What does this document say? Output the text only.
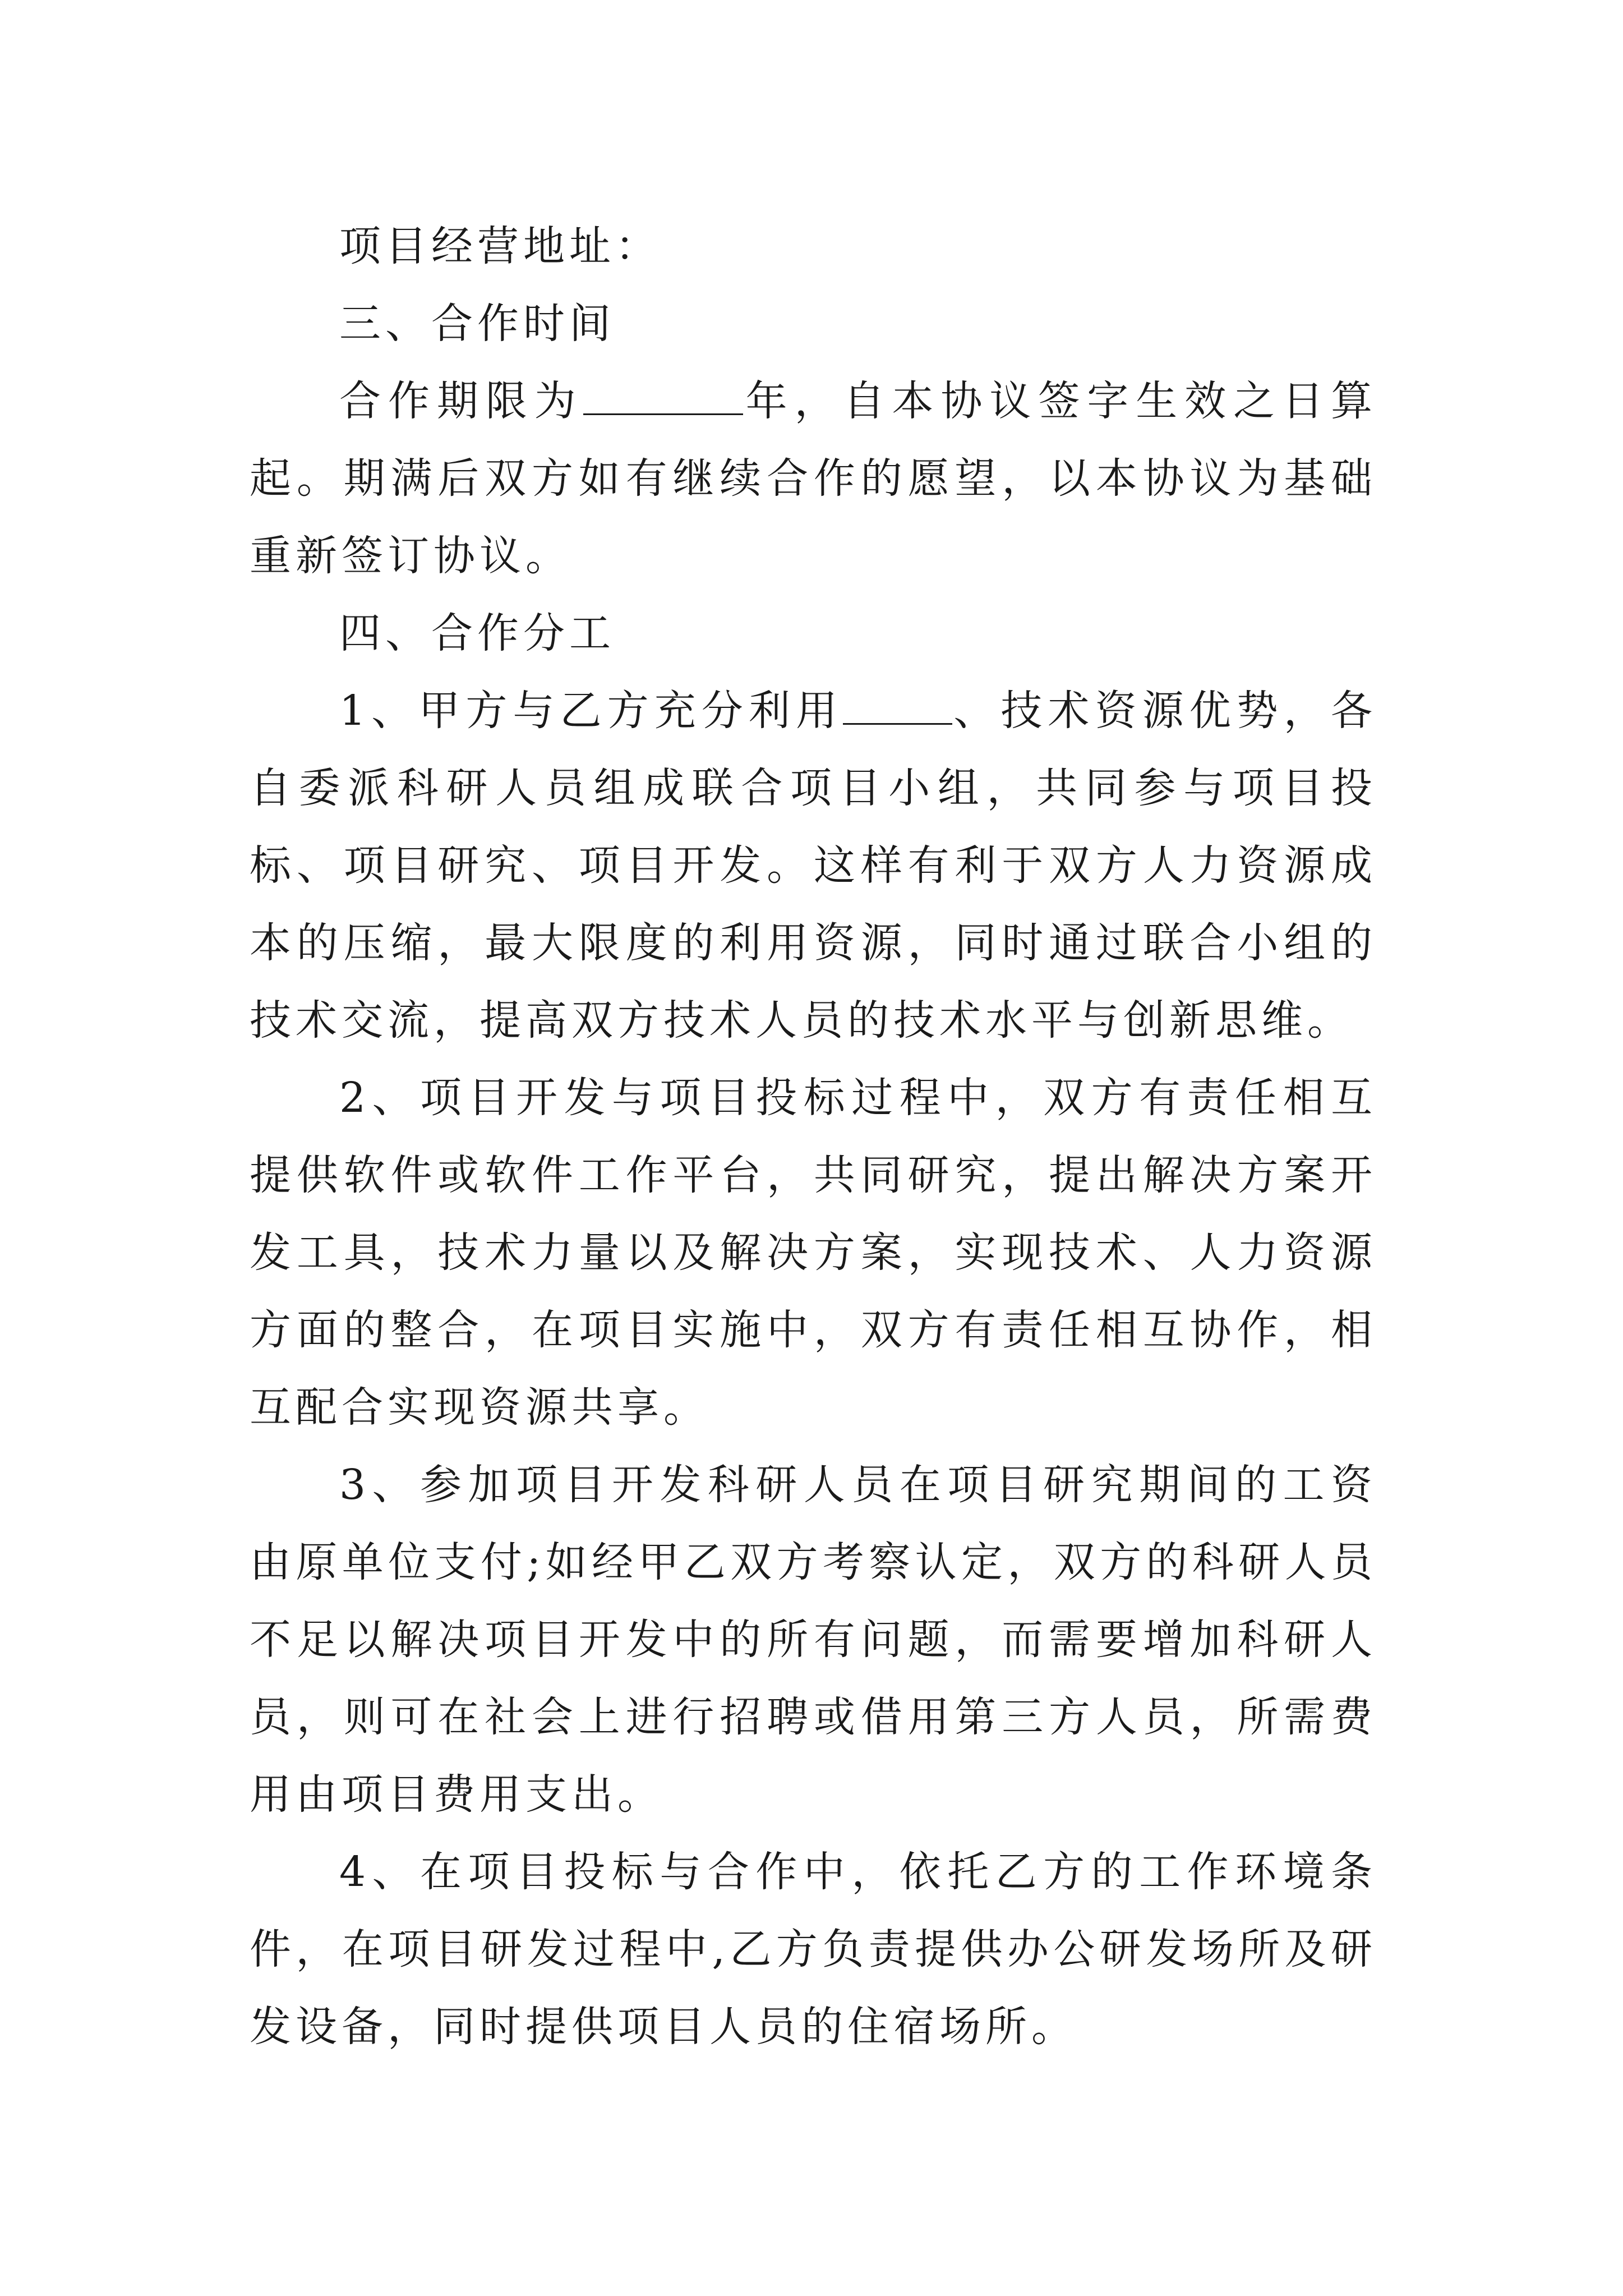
项目经营地址：

三、合作时间

合作期限为	年，自本协议签字生效之日算起。期满后双方如有继续合作的愿望，以本协议为基础重新签订协议。

四、合作分工

1、甲方与乙方充分利用	、技术资源优势，各自委派科研人员组成联合项目小组，共同参与项目投标、项目研究、项目开发。这样有利于双方人力资源成本的压缩，最大限度的利用资源，同时通过联合小组的技术交流，提高双方技术人员的技术水平与创新思维。

2、项目开发与项目投标过程中，双方有责任相互提供软件或软件工作平台，共同研究，提出解决方案开发工具，技术力量以及解决方案，实现技术、人力资源方面的整合，在项目实施中，双方有责任相互协作，相互配合实现资源共享。

3、参加项目开发科研人员在项目研究期间的工资由原单位支付;如经甲乙双方考察认定，双方的科研人员不足以解决项目开发中的所有问题，而需要增加科研人员，则可在社会上进行招聘或借用第三方人员，所需费用由项目费用支出。

4、在项目投标与合作中，依托乙方的工作环境条件，在项目研发过程中,乙方负责提供办公研发场所及研发设备，同时提供项目人员的住宿场所。
